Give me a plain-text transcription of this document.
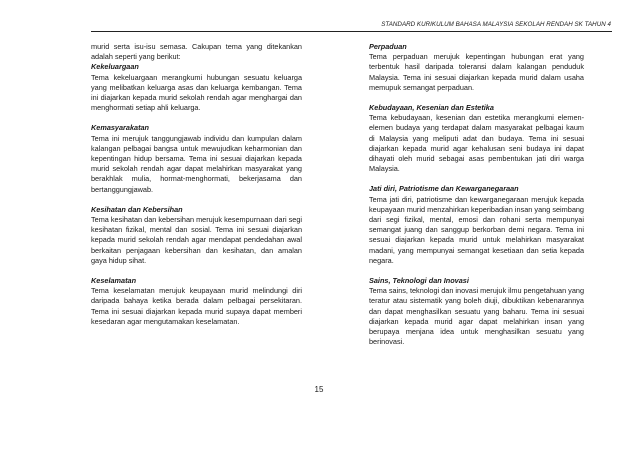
STANDARD KURIKULUM BAHASA MALAYSIA SEKOLAH RENDAH SK TAHUN 4

murid serta isu-isu semasa. Cakupan tema yang ditekankan adalah seperti yang berikut:

Kekeluargaan

Tema kekeluargaan merangkumi hubungan sesuatu keluarga yang melibatkan keluarga asas dan keluarga kembangan. Tema ini diajarkan kepada murid sekolah rendah agar menghargai dan menghormati setiap ahli keluarga.

Kemasyarakatan

Tema ini merujuk tanggungjawab individu dan kumpulan dalam kalangan pelbagai bangsa untuk mewujudkan keharmonian dan kepentingan hidup bersama. Tema ini sesuai diajarkan kepada murid sekolah rendah agar dapat melahirkan masyarakat yang berakhlak mulia, hormat-menghormati, bekerjasama dan bertanggungjawab.

Kesihatan dan Kebersihan

Tema kesihatan dan kebersihan merujuk kesempurnaan dari segi kesihatan fizikal, mental dan sosial. Tema ini sesuai diajarkan kepada murid sekolah rendah agar mendapat pendedahan awal berkaitan penjagaan kebersihan dan kesihatan, dan amalan gaya hidup sihat.

Keselamatan

Tema keselamatan merujuk keupayaan murid melindungi diri daripada bahaya ketika berada dalam pelbagai persekitaran. Tema ini sesuai diajarkan kepada murid supaya dapat memberi kesedaran agar mengutamakan keselamatan.

Perpaduan

Tema perpaduan merujuk kepentingan hubungan erat yang terbentuk hasil daripada toleransi dalam kalangan penduduk Malaysia. Tema ini sesuai diajarkan kepada murid dalam usaha memupuk semangat perpaduan.

Kebudayaan, Kesenian dan Estetika

Tema kebudayaan, kesenian dan estetika merangkumi elemen-elemen budaya yang terdapat dalam masyarakat pelbagai kaum di Malaysia yang meliputi adat dan budaya. Tema ini sesuai diajarkan kepada murid agar kehalusan seni budaya ini dapat dihayati oleh murid sebagai asas pembentukan jati diri warga Malaysia.

Jati diri, Patriotisme dan Kewarganegaraan

Tema jati diri, patriotisme dan kewarganegaraan merujuk kepada keupayaan murid menzahirkan keperibadian insan yang seimbang dari segi fizikal, mental, emosi dan rohani serta mempunyai semangat juang dan sanggup berkorban demi negara. Tema ini sesuai diajarkan kepada murid untuk melahirkan masyarakat madani, yang mempunyai semangat kesetiaan dan setia kepada negara.

Sains, Teknologi dan Inovasi

Tema sains, teknologi dan inovasi merujuk ilmu pengetahuan yang teratur atau sistematik yang boleh diuji, dibuktikan kebenarannya dan dapat menghasilkan sesuatu yang baharu. Tema ini sesuai diajarkan kepada murid agar dapat melahirkan insan yang berupaya menjana idea untuk menghasilkan sesuatu yang berinovasi.

15
